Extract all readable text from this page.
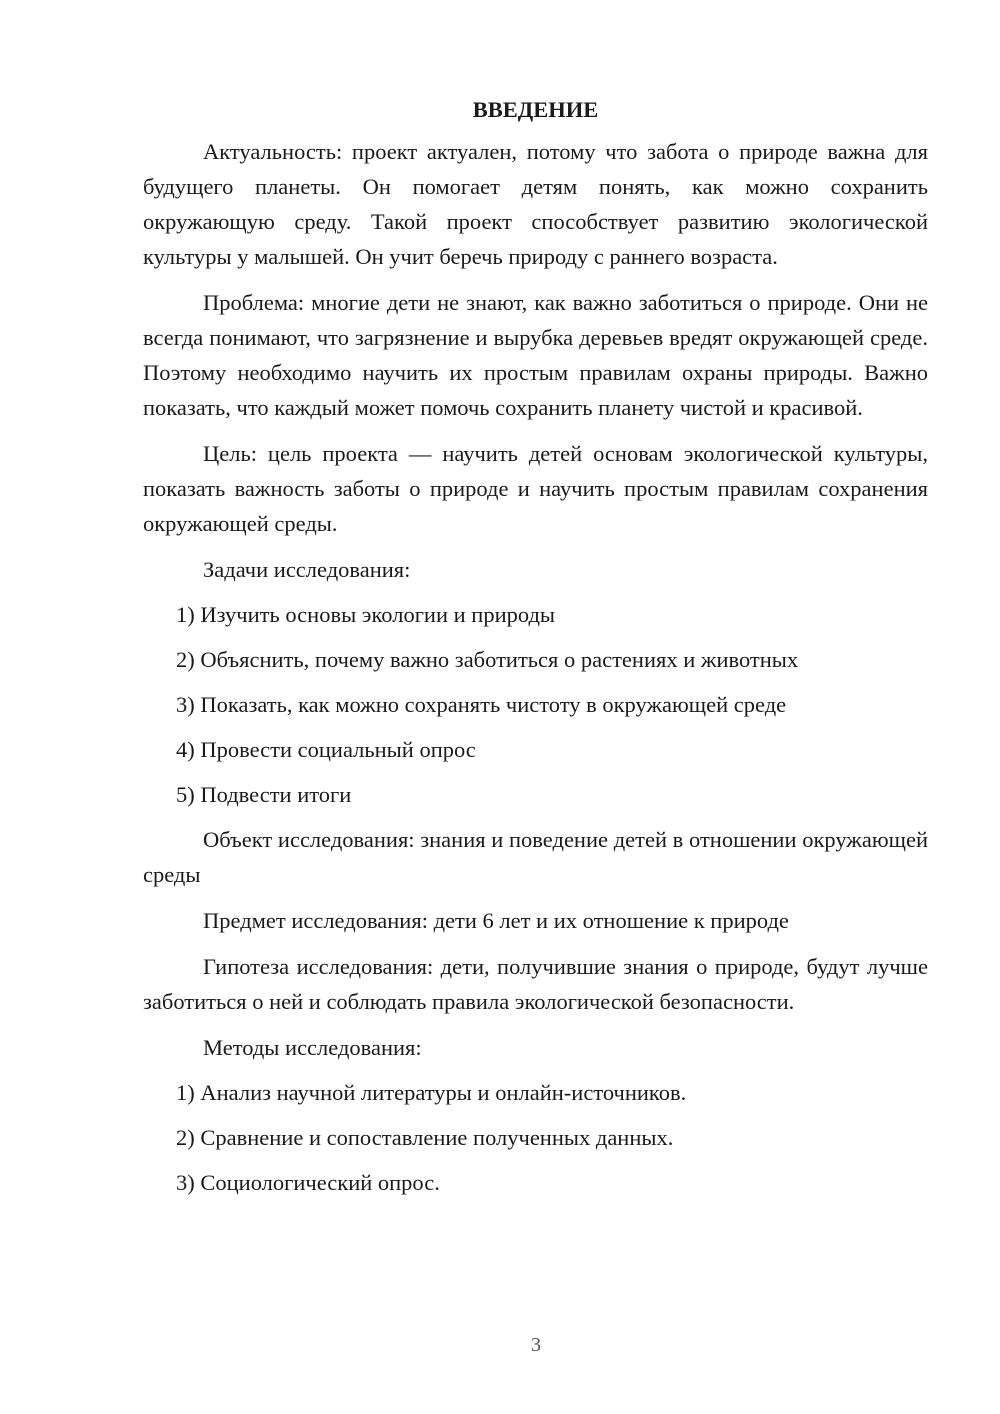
ВВЕДЕНИЕ

Актуальность: проект актуален, потому что забота о природе важна для будущего планеты. Он помогает детям понять, как можно сохранить окружающую среду. Такой проект способствует развитию экологической культуры у малышей. Он учит беречь природу с раннего возраста.

Проблема: многие дети не знают, как важно заботиться о природе. Они не всегда понимают, что загрязнение и вырубка деревьев вредят окружающей среде. Поэтому необходимо научить их простым правилам охраны природы. Важно показать, что каждый может помочь сохранить планету чистой и красивой.

Цель: цель проекта — научить детей основам экологической культуры, показать важность заботы о природе и научить простым правилам сохранения окружающей среды.

Задачи исследования:

1) Изучить основы экологии и природы
2) Объяснить, почему важно заботиться о растениях и животных
3) Показать, как можно сохранять чистоту в окружающей среде
4) Провести социальный опрос
5) Подвести итоги

Объект исследования: знания и поведение детей в отношении окружающей среды

Предмет исследования: дети 6 лет и их отношение к природе

Гипотеза исследования: дети, получившие знания о природе, будут лучше заботиться о ней и соблюдать правила экологической безопасности.

Методы исследования:

1) Анализ научной литературы и онлайн-источников.
2) Сравнение и сопоставление полученных данных.
3) Социологический опрос.
3
